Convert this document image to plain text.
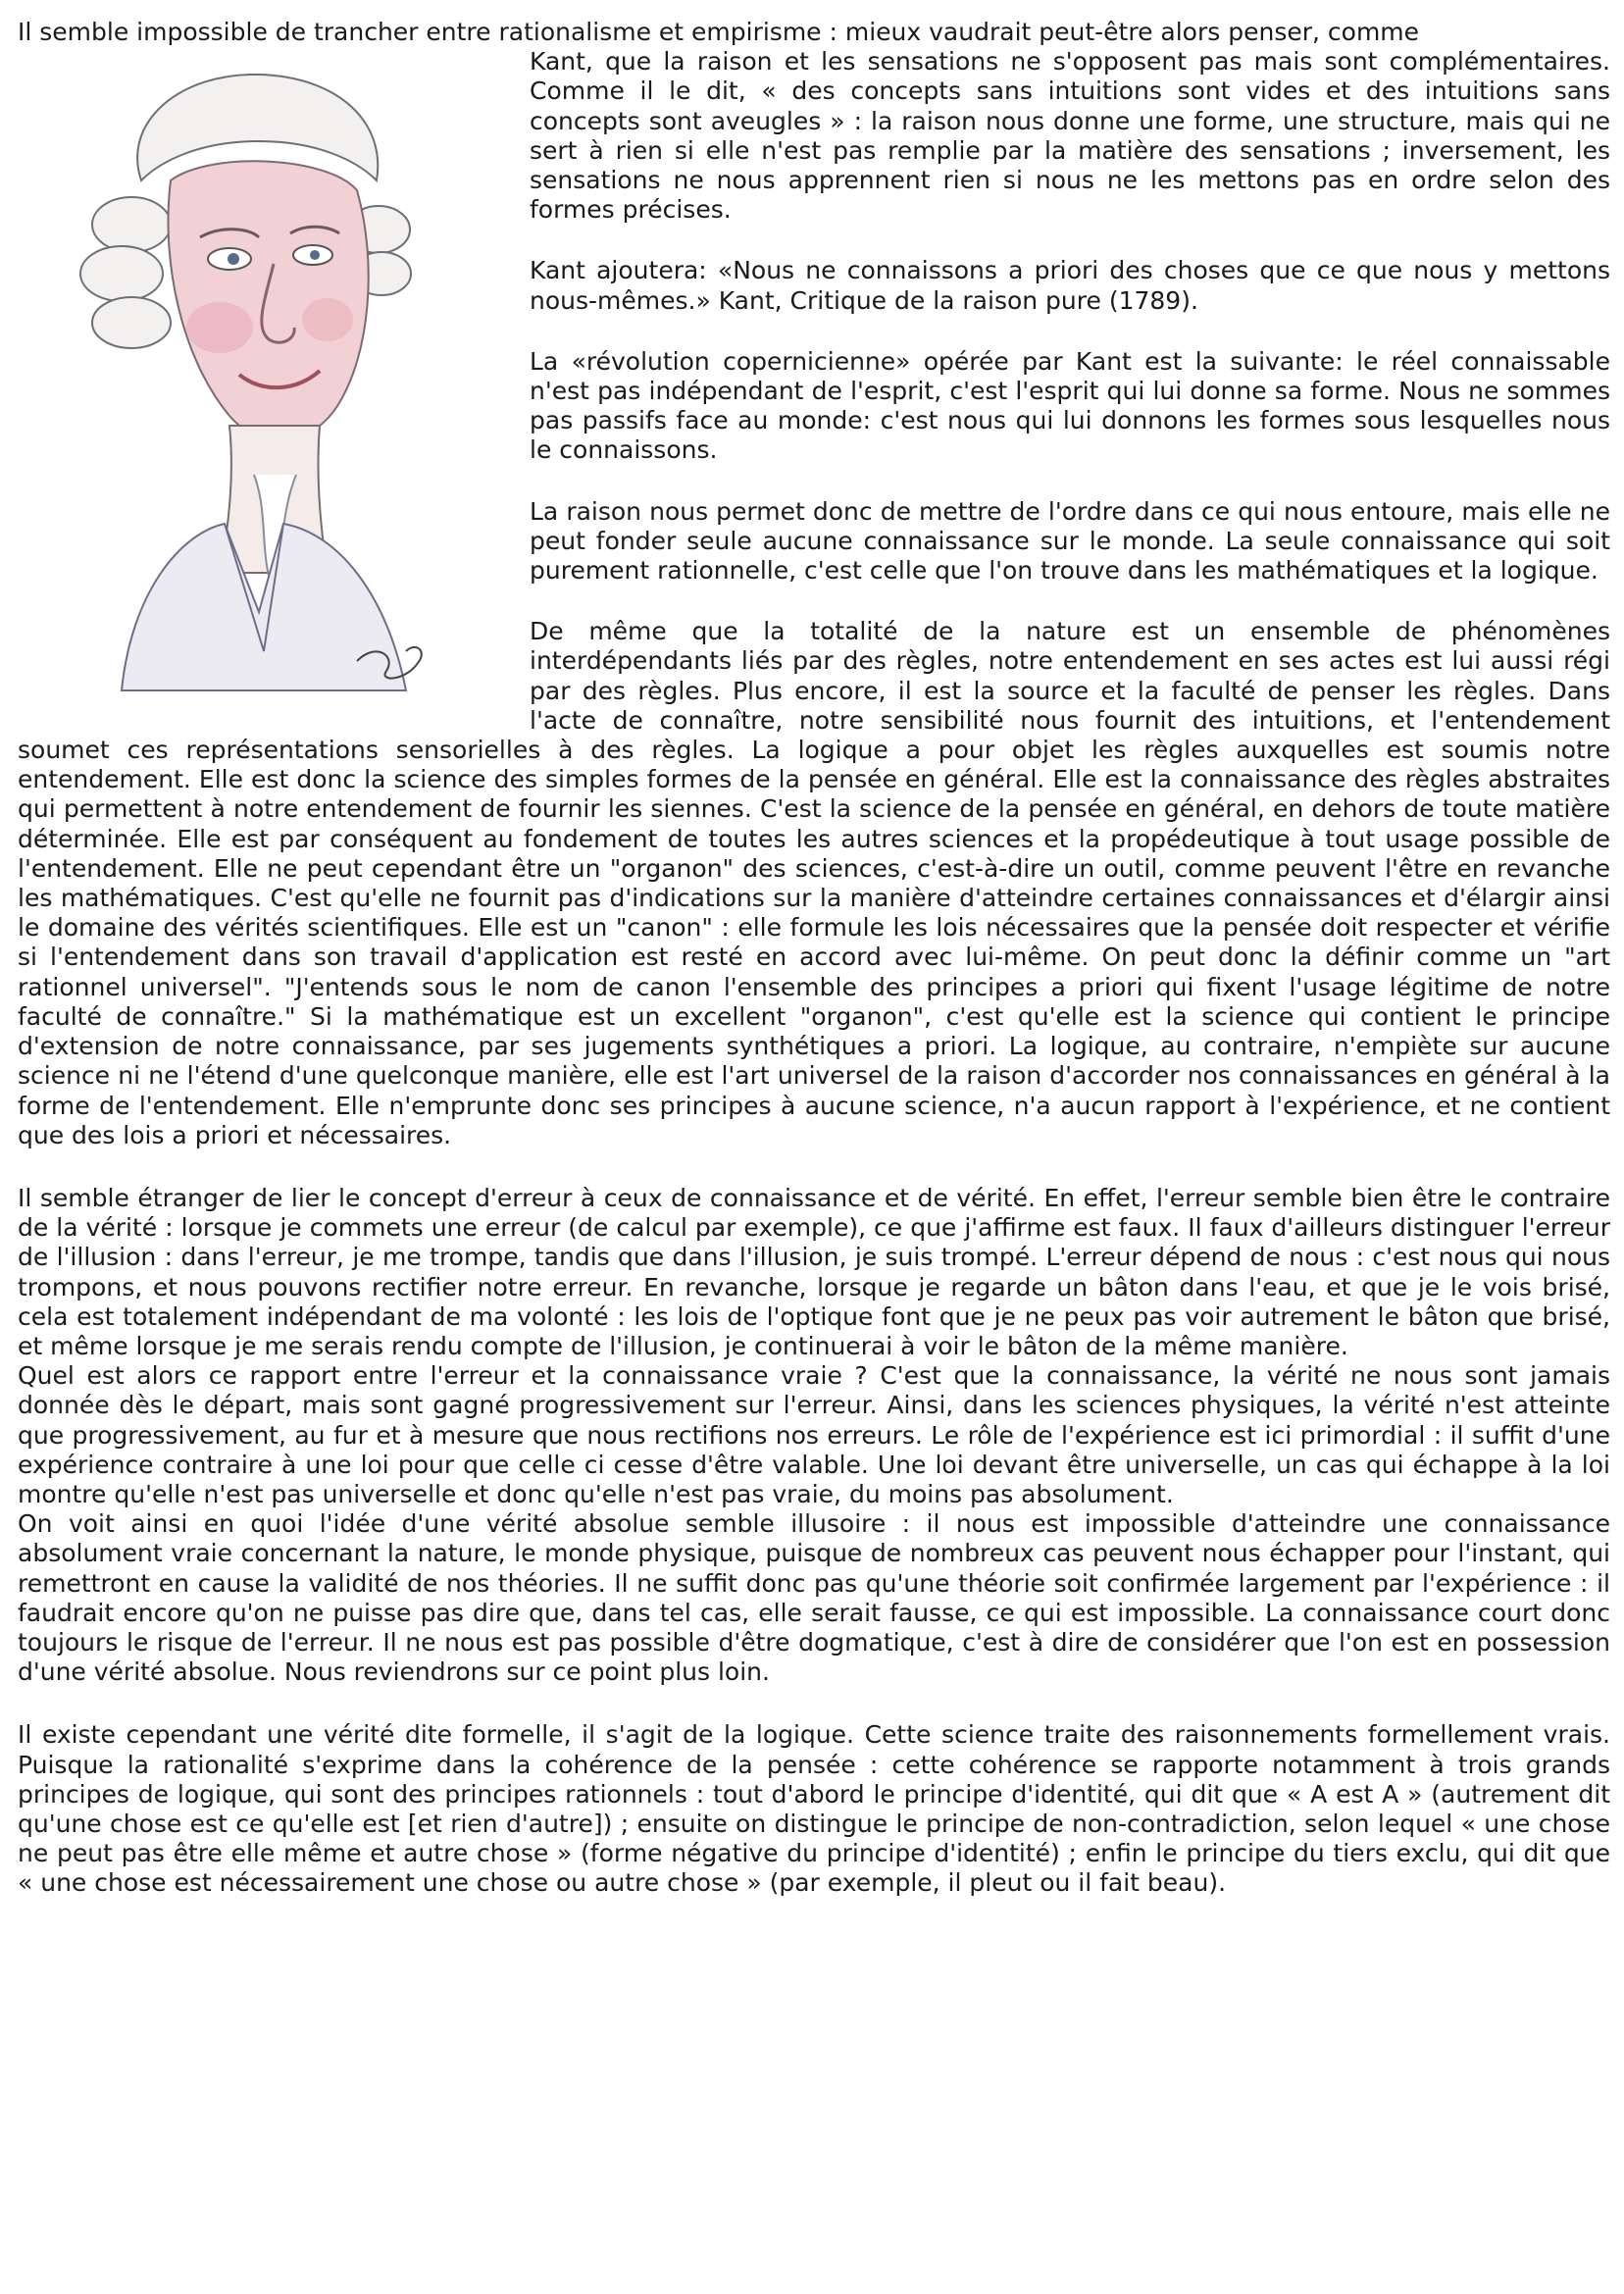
Il semble impossible de trancher entre rationalisme et empirisme : mieux vaudrait peut-être alors penser, comme

Kant, que la raison et les sensations ne s'opposent pas mais sont complémentaires. Comme il le dit, « des concepts sans intuitions sont vides et des intuitions sans concepts sont aveugles » : la raison nous donne une forme, une structure, mais qui ne sert à rien si elle n'est pas remplie par la matière des sensations ; inversement, les sensations ne nous apprennent rien si nous ne les mettons pas en ordre selon des formes précises.

Kant ajoutera: «Nous ne connaissons a priori des choses que ce que nous y mettons nous-mêmes.» Kant, Critique de la raison pure (1789).

La «révolution copernicienne» opérée par Kant est la suivante: le réel connaissable n'est pas indépendant de l'esprit, c'est l'esprit qui lui donne sa forme. Nous ne sommes pas passifs face au monde: c'est nous qui lui donnons les formes sous lesquelles nous le connaissons.

La raison nous permet donc de mettre de l'ordre dans ce qui nous entoure, mais elle ne peut fonder seule aucune connaissance sur le monde. La seule connaissance qui soit purement rationnelle, c'est celle que l'on trouve dans les mathématiques et la logique.

De même que la totalité de la nature est un ensemble de phénomènes interdépendants liés par des règles, notre entendement en ses actes est lui aussi régi par des règles. Plus encore, il est la source et la faculté de penser les règles. Dans l'acte de connaître, notre sensibilité nous fournit des intuitions, et l'entendement soumet ces représentations sensorielles à des règles. La logique a pour objet les règles auxquelles est soumis notre entendement. Elle est donc la science des simples formes de la pensée en général. Elle est la connaissance des règles abstraites qui permettent à notre entendement de fournir les siennes. C'est la science de la pensée en général, en dehors de toute matière déterminée. Elle est par conséquent au fondement de toutes les autres sciences et la propédeutique à tout usage possible de l'entendement. Elle ne peut cependant être un "organon" des sciences, c'est-à-dire un outil, comme peuvent l'être en revanche les mathématiques. C'est qu'elle ne fournit pas d'indications sur la manière d'atteindre certaines connaissances et d'élargir ainsi le domaine des vérités scientifiques. Elle est un "canon" : elle formule les lois nécessaires que la pensée doit respecter et vérifie si l'entendement dans son travail d'application est resté en accord avec lui-même. On peut donc la définir comme un "art rationnel universel". "J'entends sous le nom de canon l'ensemble des principes a priori qui fixent l'usage légitime de notre faculté de connaître." Si la mathématique est un excellent "organon", c'est qu'elle est la science qui contient le principe d'extension de notre connaissance, par ses jugements synthétiques a priori. La logique, au contraire, n'empiète sur aucune science ni ne l'étend d'une quelconque manière, elle est l'art universel de la raison d'accorder nos connaissances en général à la forme de l'entendement. Elle n'emprunte donc ses principes à aucune science, n'a aucun rapport à l'expérience, et ne contient que des lois a priori et nécessaires.

Il semble étranger de lier le concept d'erreur à ceux de connaissance et de vérité. En effet, l'erreur semble bien être le contraire de la vérité : lorsque je commets une erreur (de calcul par exemple), ce que j'affirme est faux. Il faux d'ailleurs distinguer l'erreur de l'illusion : dans l'erreur, je me trompe, tandis que dans l'illusion, je suis trompé. L'erreur dépend de nous : c'est nous qui nous trompons, et nous pouvons rectifier notre erreur. En revanche, lorsque je regarde un bâton dans l'eau, et que je le vois brisé, cela est totalement indépendant de ma volonté : les lois de l'optique font que je ne peux pas voir autrement le bâton que brisé, et même lorsque je me serais rendu compte de l'illusion, je continuerai à voir le bâton de la même manière.

Quel est alors ce rapport entre l'erreur et la connaissance vraie ? C'est que la connaissance, la vérité ne nous sont jamais donnée dès le départ, mais sont gagné progressivement sur l'erreur. Ainsi, dans les sciences physiques, la vérité n'est atteinte que progressivement, au fur et à mesure que nous rectifions nos erreurs. Le rôle de l'expérience est ici primordial : il suffit d'une expérience contraire à une loi pour que celle ci cesse d'être valable. Une loi devant être universelle, un cas qui échappe à la loi montre qu'elle n'est pas universelle et donc qu'elle n'est pas vraie, du moins pas absolument.

On voit ainsi en quoi l'idée d'une vérité absolue semble illusoire : il nous est impossible d'atteindre une connaissance absolument vraie concernant la nature, le monde physique, puisque de nombreux cas peuvent nous échapper pour l'instant, qui remettront en cause la validité de nos théories. Il ne suffit donc pas qu'une théorie soit confirmée largement par l'expérience : il faudrait encore qu'on ne puisse pas dire que, dans tel cas, elle serait fausse, ce qui est impossible. La connaissance court donc toujours le risque de l'erreur. Il ne nous est pas possible d'être dogmatique, c'est à dire de considérer que l'on est en possession d'une vérité absolue. Nous reviendrons sur ce point plus loin.

Il existe cependant une vérité dite formelle, il s'agit de la logique. Cette science traite des raisonnements formellement vrais. Puisque la rationalité s'exprime dans la cohérence de la pensée : cette cohérence se rapporte notamment à trois grands principes de logique, qui sont des principes rationnels : tout d'abord le principe d'identité, qui dit que « A est A » (autrement dit qu'une chose est ce qu'elle est [et rien d'autre]) ; ensuite on distingue le principe de non-contradiction, selon lequel « une chose ne peut pas être elle même et autre chose » (forme négative du principe d'identité) ; enfin le principe du tiers exclu, qui dit que « une chose est nécessairement une chose ou autre chose » (par exemple, il pleut ou il fait beau).
